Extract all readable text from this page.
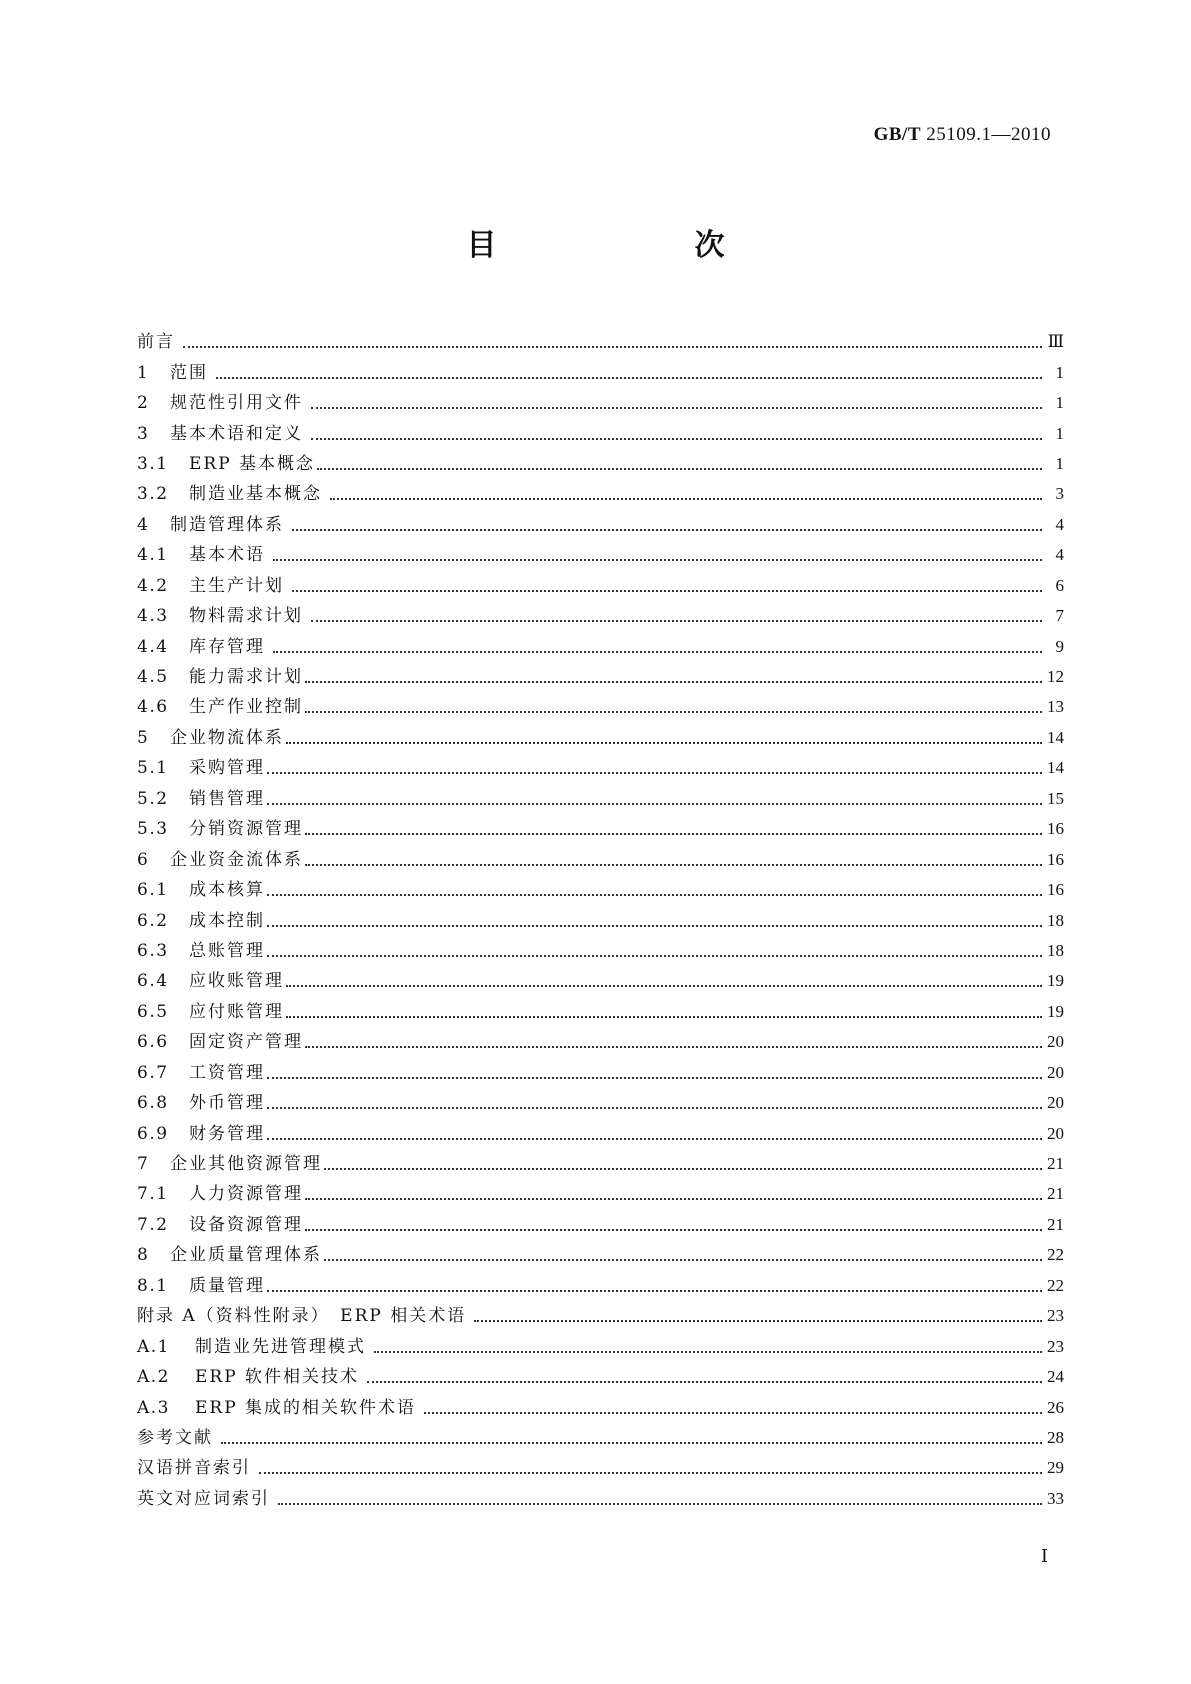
GB/T 25109.1—2010
目　　次
前言	Ⅲ
1 范围	1
2 规范性引用文件	1
3 基本术语和定义	1
3.1 ERP 基本概念	1
3.2 制造业基本概念	3
4 制造管理体系	4
4.1 基本术语	4
4.2 主生产计划	6
4.3 物料需求计划	7
4.4 库存管理	9
4.5 能力需求计划	12
4.6 生产作业控制	13
5 企业物流体系	14
5.1 采购管理	14
5.2 销售管理	15
5.3 分销资源管理	16
6 企业资金流体系	16
6.1 成本核算	16
6.2 成本控制	18
6.3 总账管理	18
6.4 应收账管理	19
6.5 应付账管理	19
6.6 固定资产管理	20
6.7 工资管理	20
6.8 外币管理	20
6.9 财务管理	20
7 企业其他资源管理	21
7.1 人力资源管理	21
7.2 设备资源管理	21
8 企业质量管理体系	22
8.1 质量管理	22
附录 A（资料性附录）　ERP 相关术语	23
A.1 制造业先进管理模式	23
A.2 ERP 软件相关技术	24
A.3 ERP 集成的相关软件术语	26
参考文献	28
汉语拼音索引	29
英文对应词索引	33
Ⅰ
